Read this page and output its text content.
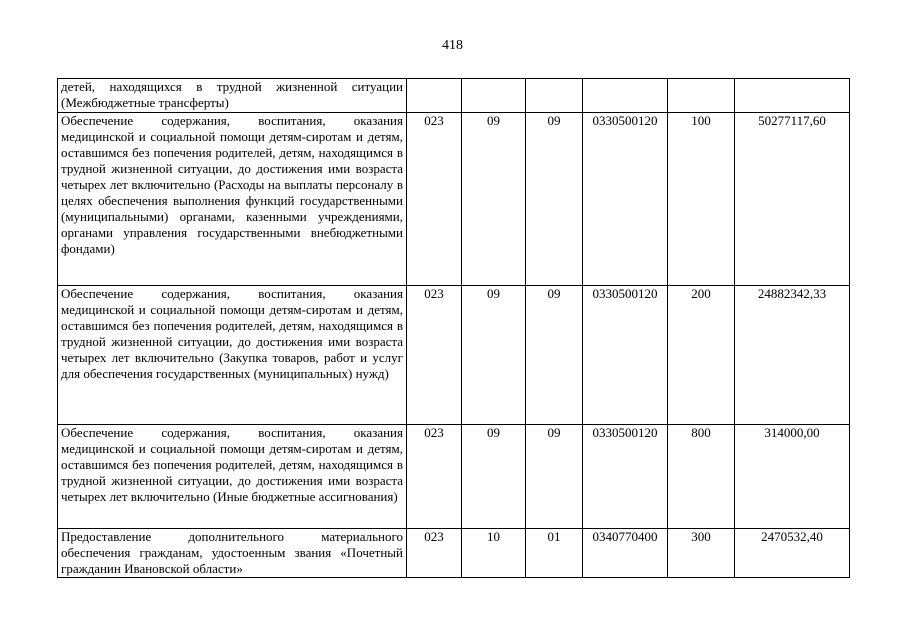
418
детей, находящихся в трудной жизненной ситуации (Межбюджетные трансферты)						
Обеспечение содержания, воспитания, оказания медицинской и социальной помощи детям-сиротам и детям, оставшимся без попечения родителей, детям, находящимся в трудной жизненной ситуации, до достижения ими возраста четырех лет включительно (Расходы на выплаты персоналу в целях обеспечения выполнения функций государственными (муниципальными) органами, казенными учреждениями, органами управления государственными внебюджетными фондами)	023	09	09	0330500120	100	50277117,60
Обеспечение содержания, воспитания, оказания медицинской и социальной помощи детям-сиротам и детям, оставшимся без попечения родителей, детям, находящимся в трудной жизненной ситуации, до достижения ими возраста четырех лет включительно (Закупка товаров, работ и услуг для обеспечения государственных (муниципальных) нужд)	023	09	09	0330500120	200	24882342,33
Обеспечение содержания, воспитания, оказания медицинской и социальной помощи детям-сиротам и детям, оставшимся без попечения родителей, детям, находящимся в трудной жизненной ситуации, до достижения ими возраста четырех лет включительно (Иные бюджетные ассигнования)	023	09	09	0330500120	800	314000,00
Предоставление дополнительного материального обеспечения гражданам, удостоенным звания «Почетный гражданин Ивановской области»	023	10	01	0340770400	300	2470532,40
